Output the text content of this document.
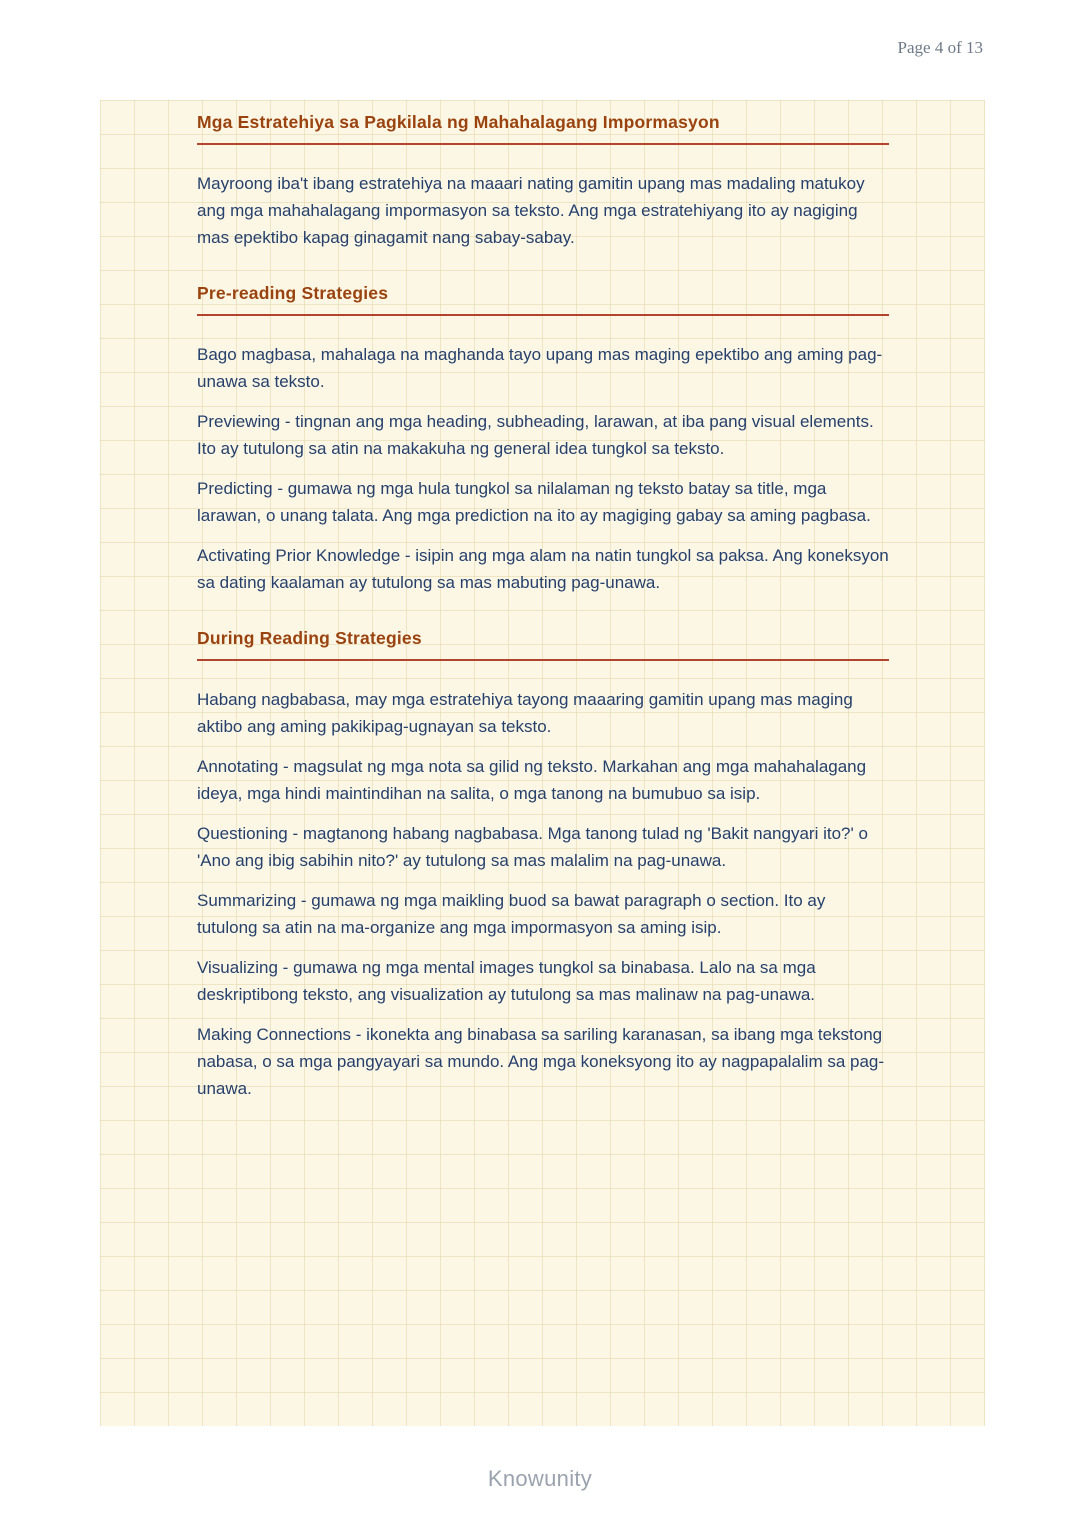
Page 4 of 13
Mga Estratehiya sa Pagkilala ng Mahahalagang Impormasyon

Mayroong iba't ibang estratehiya na maaari nating gamitin upang mas madaling matukoy ang mga mahahalagang impormasyon sa teksto. Ang mga estratehiyang ito ay nagiging mas epektibo kapag ginagamit nang sabay-sabay.

Pre-reading Strategies

Bago magbasa, mahalaga na maghanda tayo upang mas maging epektibo ang aming pag-unawa sa teksto.

Previewing - tingnan ang mga heading, subheading, larawan, at iba pang visual elements. Ito ay tutulong sa atin na makakuha ng general idea tungkol sa teksto.

Predicting - gumawa ng mga hula tungkol sa nilalaman ng teksto batay sa title, mga larawan, o unang talata. Ang mga prediction na ito ay magiging gabay sa aming pagbasa.

Activating Prior Knowledge - isipin ang mga alam na natin tungkol sa paksa. Ang koneksyon sa dating kaalaman ay tutulong sa mas mabuting pag-unawa.

During Reading Strategies

Habang nagbabasa, may mga estratehiya tayong maaaring gamitin upang mas maging aktibo ang aming pakikipag-ugnayan sa teksto.

Annotating - magsulat ng mga nota sa gilid ng teksto. Markahan ang mga mahahalagang ideya, mga hindi maintindihan na salita, o mga tanong na bumubuo sa isip.

Questioning - magtanong habang nagbabasa. Mga tanong tulad ng 'Bakit nangyari ito?' o 'Ano ang ibig sabihin nito?' ay tutulong sa mas malalim na pag-unawa.

Summarizing - gumawa ng mga maikling buod sa bawat paragraph o section. Ito ay tutulong sa atin na ma-organize ang mga impormasyon sa aming isip.

Visualizing - gumawa ng mga mental images tungkol sa binabasa. Lalo na sa mga deskriptibong teksto, ang visualization ay tutulong sa mas malinaw na pag-unawa.

Making Connections - ikonekta ang binabasa sa sariling karanasan, sa ibang mga tekstong nabasa, o sa mga pangyayari sa mundo. Ang mga koneksyong ito ay nagpapalalim sa pag-unawa.

Knowunity
